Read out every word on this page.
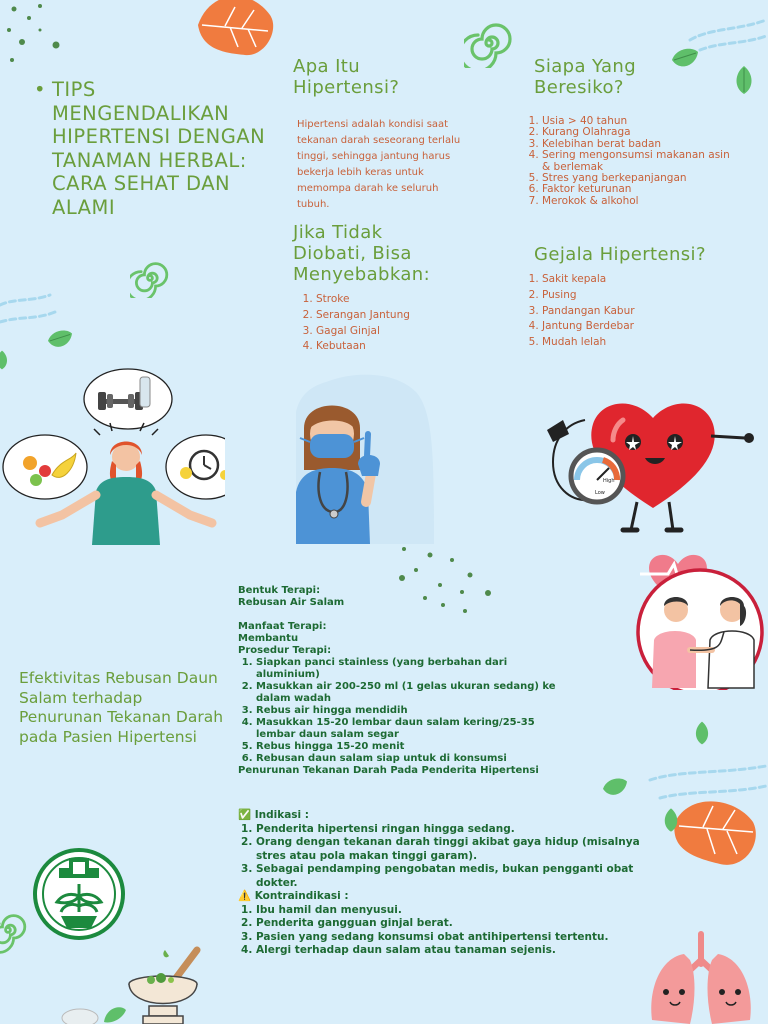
• TIPS MENGENDALIKAN HIPERTENSI DENGAN TANAMAN HERBAL: CARA SEHAT DAN ALAMI
Apa Itu Hipertensi?

Hipertensi adalah kondisi saat tekanan darah seseorang terlalu tinggi, sehingga jantung harus bekerja lebih keras untuk memompa darah ke seluruh tubuh.

Siapa Yang Beresiko?
1. Usia > 40 tahun
2. Kurang Olahraga
3. Kelebihan berat badan
4. Sering mengonsumsi makanan asin & berlemak
5. Stres yang berkepanjangan
6. Faktor keturunan
7. Merokok & alkohol
Jika Tidak Diobati, Bisa Menyebabkan:
1. Stroke
2. Serangan Jantung
3. Gagal Ginjal
4. Kebutaan
Gejala Hipertensi?
1. Sakit kepala
2. Pusing
3. Pandangan Kabur
4. Jantung Berdebar
5. Mudah lelah
High
Low
Efektivitas Rebusan Daun Salam terhadap Penurunan Tekanan Darah pada Pasien Hipertensi
Bentuk Terapi:
Rebusan Air Salam
Manfaat Terapi:
Membantu
Prosedur Terapi:
1. Siapkan panci stainless (yang berbahan dari aluminium)
2. Masukkan air 200-250 ml (1 gelas ukuran sedang) ke dalam wadah
3. Rebus air hingga mendidih
4. Masukkan 15-20 lembar daun salam kering/25-35 lembar daun salam segar
5. Rebus hingga 15-20 menit
6. Rebusan daun salam siap untuk di konsumsi
Penurunan Tekanan Darah Pada Penderita Hipertensi
✅ Indikasi :
1. Penderita hipertensi ringan hingga sedang.
2. Orang dengan tekanan darah tinggi akibat gaya hidup (misalnya stres atau pola makan tinggi garam).
3. Sebagai pendamping pengobatan medis, bukan pengganti obat dokter.
⚠️ Kontraindikasi :
1. Ibu hamil dan menyusui.
2. Penderita gangguan ginjal berat.
3. Pasien yang sedang konsumsi obat antihipertensi tertentu.
4. Alergi terhadap daun salam atau tanaman sejenis.
